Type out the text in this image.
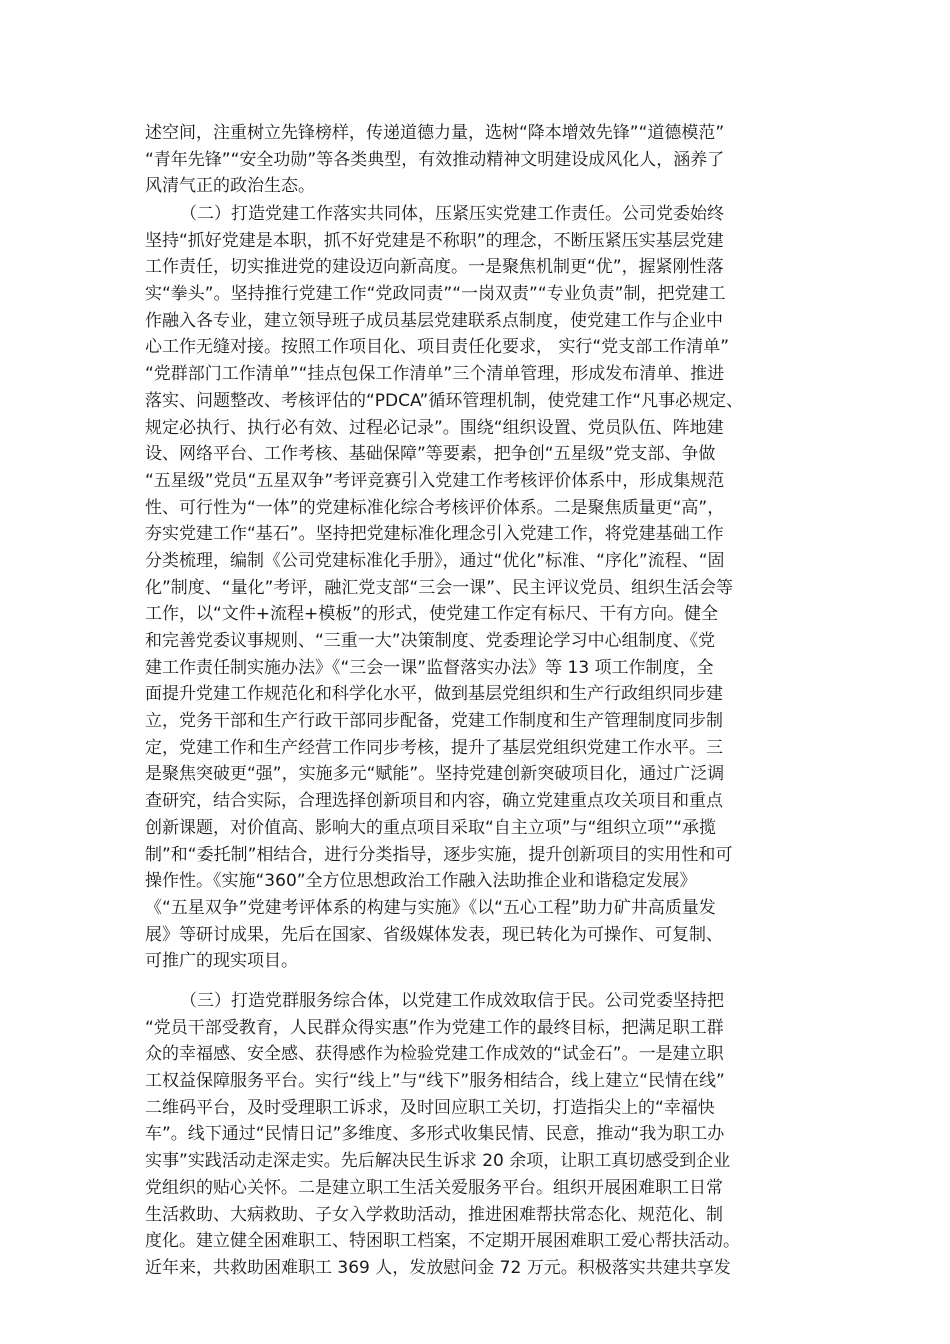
述空间，注重树立先锋榜样，传递道德力量，选树“降本增效先锋”“道德模范”
“青年先锋”“安全功勋”等各类典型，有效推动精神文明建设成风化人，涵养了
风清气正的政治生态。
（二）打造党建工作落实共同体，压紧压实党建工作责任。公司党委始终
坚持“抓好党建是本职，抓不好党建是不称职”的理念，不断压紧压实基层党建
工作责任，切实推进党的建设迈向新高度。一是聚焦机制更“优”，握紧刚性落
实“拳头”。坚持推行党建工作“党政同责”“一岗双责”“专业负责”制，把党建工
作融入各专业，建立领导班子成员基层党建联系点制度，使党建工作与企业中
心工作无缝对接。按照工作项目化、项目责任化要求， 实行“党支部工作清单”
“党群部门工作清单”“挂点包保工作清单”三个清单管理，形成发布清单、推进
落实、问题整改、考核评估的“PDCA”循环管理机制，使党建工作“凡事必规定、
规定必执行、执行必有效、过程必记录”。围绕“组织设置、党员队伍、阵地建
设、网络平台、工作考核、基础保障”等要素，把争创“五星级”党支部、争做
“五星级”党员“五星双争”考评竞赛引入党建工作考核评价体系中，形成集规范
性、可行性为“一体”的党建标准化综合考核评价体系。二是聚焦质量更“高”，
夯实党建工作“基石”。坚持把党建标准化理念引入党建工作，将党建基础工作
分类梳理，编制《公司党建标准化手册》，通过“优化”标准、“序化”流程、“固
化”制度、“量化”考评，融汇党支部“三会一课”、民主评议党员、组织生活会等
工作，以“文件+流程+模板”的形式，使党建工作定有标尺、干有方向。健全
和完善党委议事规则、“三重一大”决策制度、党委理论学习中心组制度、《党
建工作责任制实施办法》《“三会一课”监督落实办法》等 13 项工作制度，全
面提升党建工作规范化和科学化水平，做到基层党组织和生产行政组织同步建
立，党务干部和生产行政干部同步配备，党建工作制度和生产管理制度同步制
定，党建工作和生产经营工作同步考核，提升了基层党组织党建工作水平。三
是聚焦突破更“强”，实施多元“赋能”。坚持党建创新突破项目化，通过广泛调
查研究，结合实际，合理选择创新项目和内容，确立党建重点攻关项目和重点
创新课题，对价值高、影响大的重点项目采取“自主立项”与“组织立项”“承揽
制”和“委托制”相结合，进行分类指导，逐步实施，提升创新项目的实用性和可
操作性。《实施“360”全方位思想政治工作融入法助推企业和谐稳定发展》
《“五星双争”党建考评体系的构建与实施》《以“五心工程”助力矿井高质量发
展》等研讨成果，先后在国家、省级媒体发表，现已转化为可操作、可复制、
可推广的现实项目。
（三）打造党群服务综合体，以党建工作成效取信于民。公司党委坚持把
“党员干部受教育，人民群众得实惠”作为党建工作的最终目标，把满足职工群
众的幸福感、安全感、获得感作为检验党建工作成效的“试金石”。一是建立职
工权益保障服务平台。实行“线上”与“线下”服务相结合，线上建立“民情在线”
二维码平台，及时受理职工诉求，及时回应职工关切，打造指尖上的“幸福快
车”。线下通过“民情日记”多维度、多形式收集民情、民意，推动“我为职工办
实事”实践活动走深走实。先后解决民生诉求 20 余项，让职工真切感受到企业
党组织的贴心关怀。二是建立职工生活关爱服务平台。组织开展困难职工日常
生活救助、大病救助、子女入学救助活动，推进困难帮扶常态化、规范化、制
度化。建立健全困难职工、特困职工档案，不定期开展困难职工爱心帮扶活动。
近年来，共救助困难职工 369 人，发放慰问金 72 万元。积极落实共建共享发
